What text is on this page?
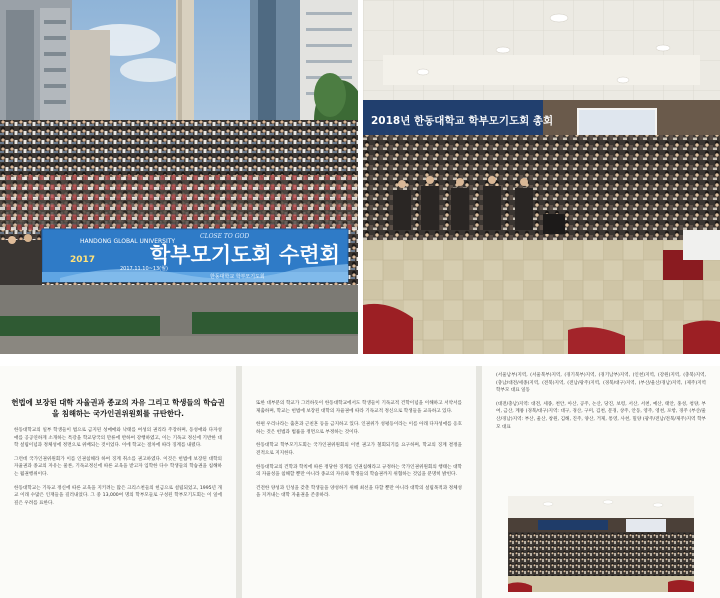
HANDONG GLOBAL UNIVERSITY
2017	학부모기도회 수련회
CLOSE TO GOD
2017.11.10~13(월)
한동대학교 학부모기도회
2018년 한동대학교 학부모기도회 총회
헌법에 보장된 대학 자율권과 종교의 자유 그리고 학생들의 학습권을 침해하는 국가인권위원회를 규탄한다.

한동대학교의 일부 학생들이 법으로 금지된 성매매와 낙태를 여성의 권리라 주장하며, 동성애와 다자성애를 공공연하게 소개하는 특강을 학교당국의 만류에 반하여 강행하였고, 이는 기독교 정신에 기반한 대학 설립이념과 정체성에 정면으로 위배되는 것이었다. 이에 학교는 절차에 따라 징계를 내렸다.

그런데 국가인권위원회가 이를 인권침해라 하여 징계 취소를 권고하였다. 이것은 헌법에 보장된 대학의 자율권과 종교의 자유는 물론, 기독교정신에 따른 교육을 받고자 입학한 다수 학생들의 학습권을 침해하는 월권행위이다.

한동대학교는 기독교 정신에 따른 교육을 지키려는 많은 크리스천들의 헌금으로 설립되었고, 1995년 개교 이래 수많은 인재들을 길러내었다. 그 중 13,000여 명의 학부모들로 구성된 학부모기도회는 이 일에 깊은 우려를 표한다.

또한 대부분의 학교가 그러하듯이 한동대학교에서도 학생들이 기독교적 건학이념을 이해하고 서약서를 제출하며, 학교는 헌법에 보장된 대학의 자율권에 따라 기독교적 정신으로 학생들을 교육하고 있다.

한편 우리나라는 출혼과 근친혼 등을 금지하고 있다. 인권위가 성평등이라는 이름 아래 다자성애를 옹호하는 것은 헌법과 법률을 정면으로 부정하는 것이다.

한동대학교 학부모기도회는 국가인권위원회의 이번 권고가 철회되기를 요구하며, 학교의 징계 결정을 전적으로 지지한다.

한동대학교의 건학과 학칙에 따른 정당한 징계를 인권침해라고 규정하는 국가인권위원회의 행태는 대학의 자율성을 침해할 뿐만 아니라 종교의 자유와 학생들의 학습권까지 위협하는 것임을 분명히 밝힌다.

건전한 양성과 인성을 갖춘 학생들을 양성하기 위해 최선을 다할 뿐만 아니라 대학의 설립목적과 정체성을 지켜내는 대학 자율권을 존중하라.

(서울남부)지역, (서울북부)지역, (경기북부)지역, (경기남부)지역, (인천)지역, (강원)지역, (충북)지역, (충남/대전/세종)지역, (전북)지역, (전남/광주)지역, (경북/대구)지역, (부산/울산/경남)지역, (제주)지역 학부모 대표 일동

(대전/충남)지역: 대전, 세종, 천안, 아산, 공주, 논산, 당진, 보령, 서산, 서천, 예산, 태안, 홍성, 청양, 부여, 금산, 계룡 (경북/대구)지역: 대구, 경산, 구미, 김천, 문경, 상주, 안동, 영주, 영천, 포항, 경주 (부산/울산/경남)지역: 부산, 울산, 창원, 김해, 진주, 양산, 거제, 통영, 사천, 밀양 (광주/전남/전북/제주)지역 학부모 대표
